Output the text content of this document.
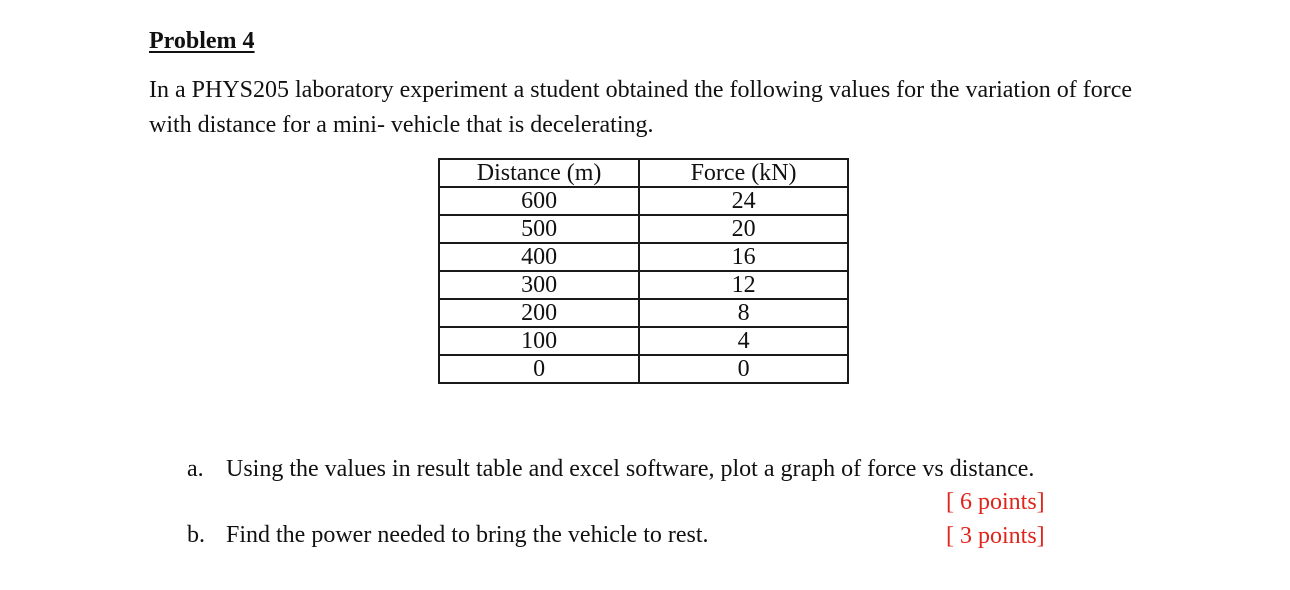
Problem 4

In a PHYS205 laboratory experiment a student obtained the following values for the variation of force with distance for a mini- vehicle that is decelerating.

Distance (m)	Force (kN)
600	24
500	20
400	16
300	12
200	8
100	4
0	0
a. Using the values in result table and excel software, plot a graph of force vs distance.
[ 6 points]
b. Find the power needed to bring the vehicle to rest.	[ 3 points]
